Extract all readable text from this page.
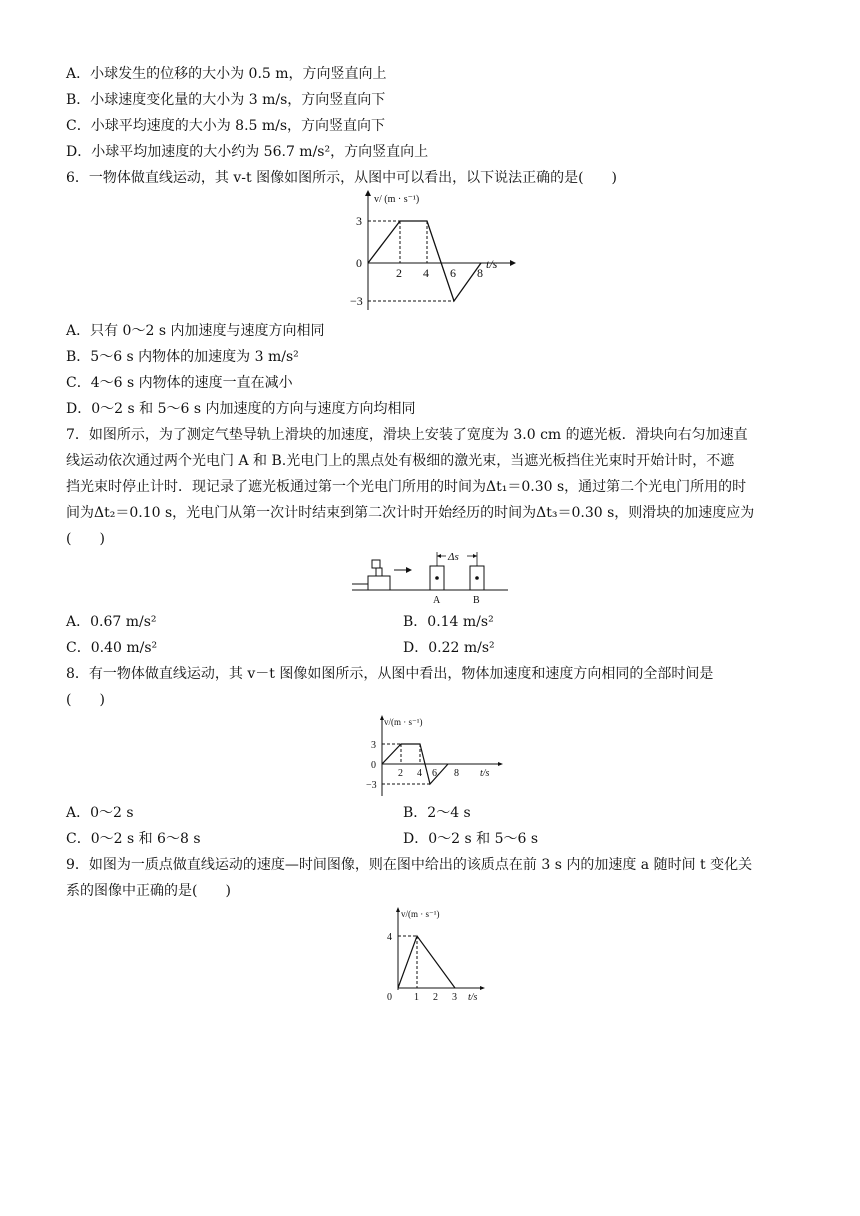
A．小球发生的位移的大小为 0.5 m，方向竖直向上
B．小球速度变化量的大小为 3 m/s，方向竖直向下
C．小球平均速度的大小为 8.5 m/s，方向竖直向下
D．小球平均加速度的大小约为 56.7 m/s²，方向竖直向上
6．一物体做直线运动，其 v-t 图像如图所示，从图中可以看出，以下说法正确的是(　　)
v/ (m · s⁻¹)
t/s
3
0
−3
2 4 6 8
A．只有 0～2 s 内加速度与速度方向相同
B．5～6 s 内物体的加速度为 3 m/s²
C．4～6 s 内物体的速度一直在减小
D．0～2 s 和 5～6 s 内加速度的方向与速度方向均相同
7．如图所示，为了测定气垫导轨上滑块的加速度，滑块上安装了宽度为 3.0 cm 的遮光板．滑块向右匀加速直
线运动依次通过两个光电门 A 和 B.光电门上的黑点处有极细的激光束，当遮光板挡住光束时开始计时，不遮
挡光束时停止计时．现记录了遮光板通过第一个光电门所用的时间为Δt₁＝0.30 s，通过第二个光电门所用的时
间为Δt₂＝0.10 s，光电门从第一次计时结束到第二次计时开始经历的时间为Δt₃＝0.30 s，则滑块的加速度应为
(　　)
Δs
A	B
A．0.67 m/s²	B．0.14 m/s²
C．0.40 m/s²	D．0.22 m/s²
8．有一物体做直线运动，其 v－t 图像如图所示，从图中看出，物体加速度和速度方向相同的全部时间是
(　　)
v/(m · s⁻¹)
t/s
3
0
−3
2 4 6 8
A．0～2 s	B．2～4 s
C．0～2 s 和 6～8 s	D．0～2 s 和 5～6 s
9．如图为一质点做直线运动的速度—时间图像，则在图中给出的该质点在前 3 s 内的加速度 a 随时间 t 变化关
系的图像中正确的是(　　)
v/(m · s⁻¹)
t/s
4
0 1 2 3
